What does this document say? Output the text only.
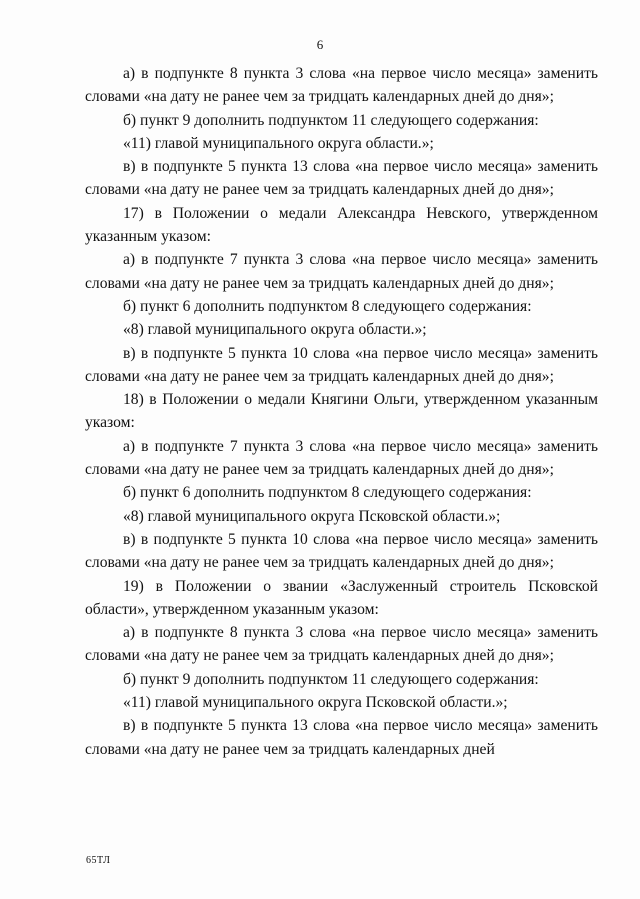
6

а) в подпункте 8 пункта 3 слова «на первое число месяца» заменить словами «на дату не ранее чем за тридцать календарных дней до дня»;

б) пункт 9 дополнить подпунктом 11 следующего содержания:

«11) главой муниципального округа области.»;

в) в подпункте 5 пункта 13 слова «на первое число месяца» заменить словами «на дату не ранее чем за тридцать календарных дней до дня»;

17) в Положении о медали Александра Невского, утвержденном указанным указом:

а) в подпункте 7 пункта 3 слова «на первое число месяца» заменить словами «на дату не ранее чем за тридцать календарных дней до дня»;

б) пункт 6 дополнить подпунктом 8 следующего содержания:

«8) главой муниципального округа области.»;

в) в подпункте 5 пункта 10 слова «на первое число месяца» заменить словами «на дату не ранее чем за тридцать календарных дней до дня»;

18) в Положении о медали Княгини Ольги, утвержденном указанным указом:

а) в подпункте 7 пункта 3 слова «на первое число месяца» заменить словами «на дату не ранее чем за тридцать календарных дней до дня»;

б) пункт 6 дополнить подпунктом 8 следующего содержания:

«8) главой муниципального округа Псковской области.»;

в) в подпункте 5 пункта 10 слова «на первое число месяца» заменить словами «на дату не ранее чем за тридцать календарных дней до дня»;

19) в Положении о звании «Заслуженный строитель Псковской области», утвержденном указанным указом:

а) в подпункте 8 пункта 3 слова «на первое число месяца» заменить словами «на дату не ранее чем за тридцать календарных дней до дня»;

б) пункт 9 дополнить подпунктом 11 следующего содержания:

«11) главой муниципального округа Псковской области.»;

в) в подпункте 5 пункта 13 слова «на первое число месяца» заменить словами «на дату не ранее чем за тридцать календарных дней

65ТЛ
